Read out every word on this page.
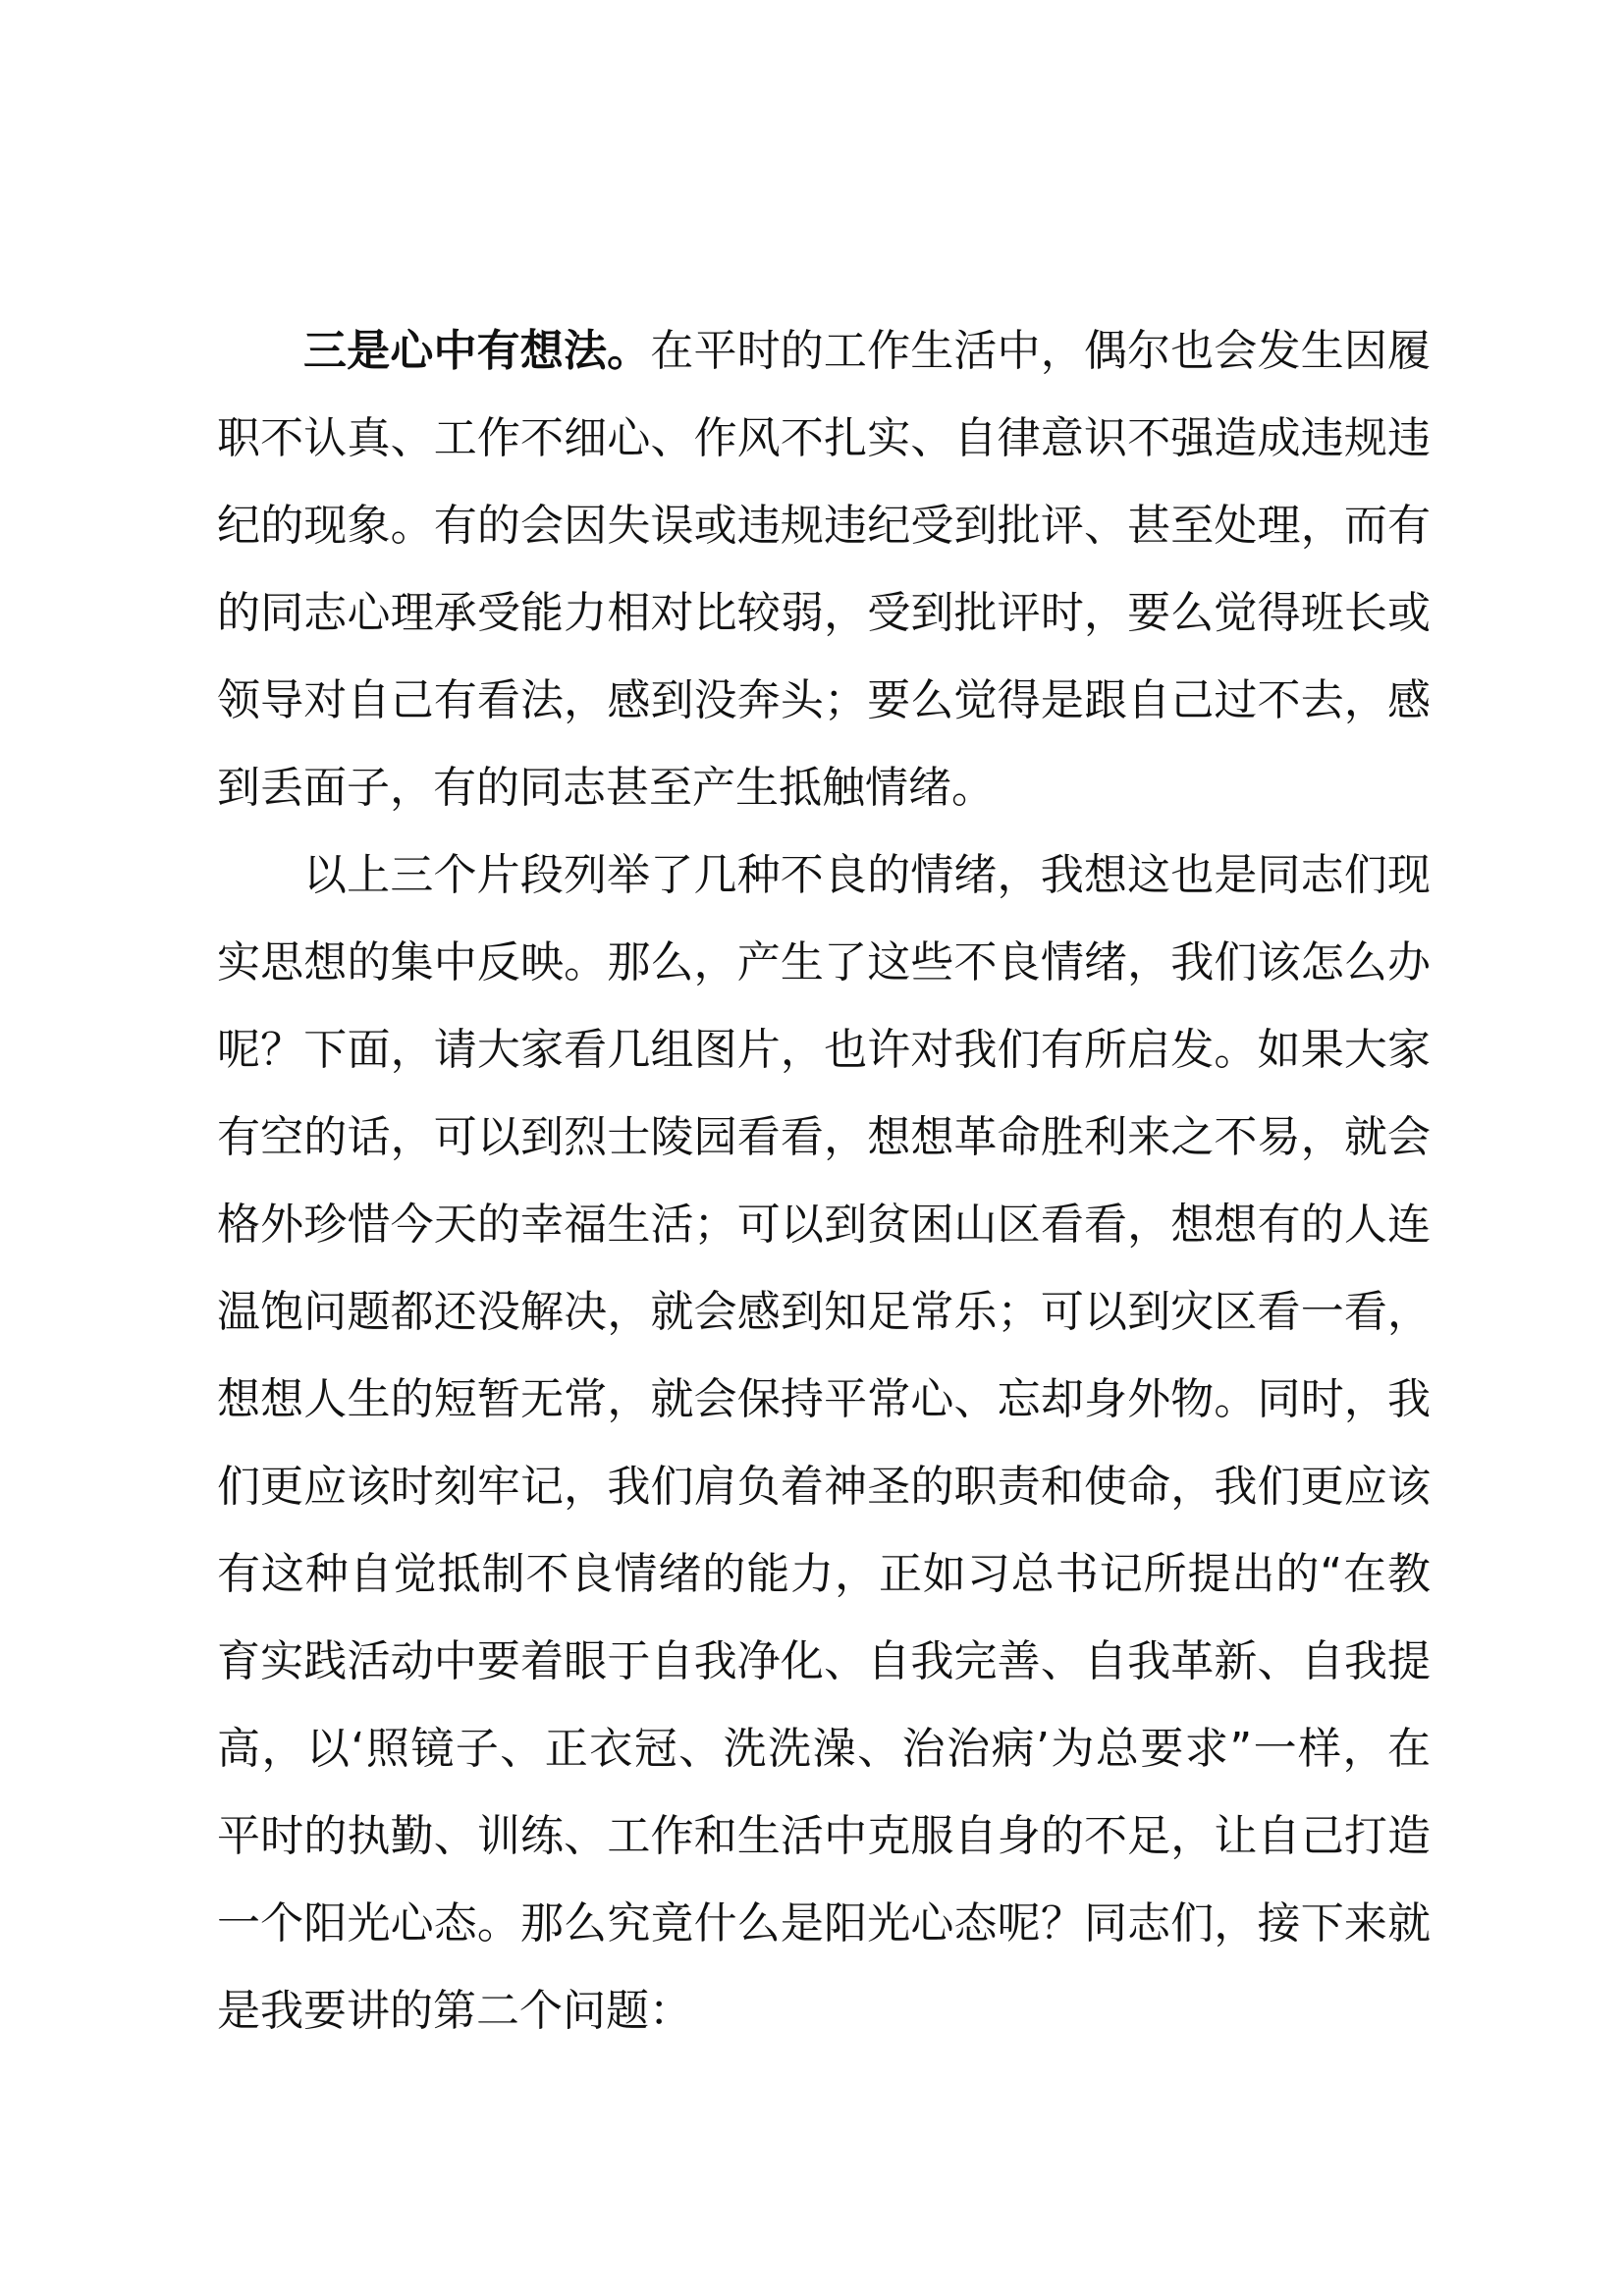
三是心中有想法。在平时的工作生活中，偶尔也会发生因履职不认真、工作不细心、作风不扎实、自律意识不强造成违规违纪的现象。有的会因失误或违规违纪受到批评、甚至处理，而有的同志心理承受能力相对比较弱，受到批评时，要么觉得班长或领导对自己有看法，感到没奔头；要么觉得是跟自己过不去，感到丢面子，有的同志甚至产生抵触情绪。

以上三个片段列举了几种不良的情绪，我想这也是同志们现实思想的集中反映。那么，产生了这些不良情绪，我们该怎么办呢？下面，请大家看几组图片，也许对我们有所启发。如果大家有空的话，可以到烈士陵园看看，想想革命胜利来之不易，就会格外珍惜今天的幸福生活；可以到贫困山区看看，想想有的人连温饱问题都还没解决，就会感到知足常乐；可以到灾区看一看，想想人生的短暂无常，就会保持平常心、忘却身外物。同时，我们更应该时刻牢记，我们肩负着神圣的职责和使命，我们更应该有这种自觉抵制不良情绪的能力，正如习总书记所提出的“在教育实践活动中要着眼于自我净化、自我完善、自我革新、自我提高，以‘照镜子、正衣冠、洗洗澡、治治病’为总要求”一样，在平时的执勤、训练、工作和生活中克服自身的不足，让自己打造一个阳光心态。那么究竟什么是阳光心态呢？同志们，接下来就是我要讲的第二个问题：
